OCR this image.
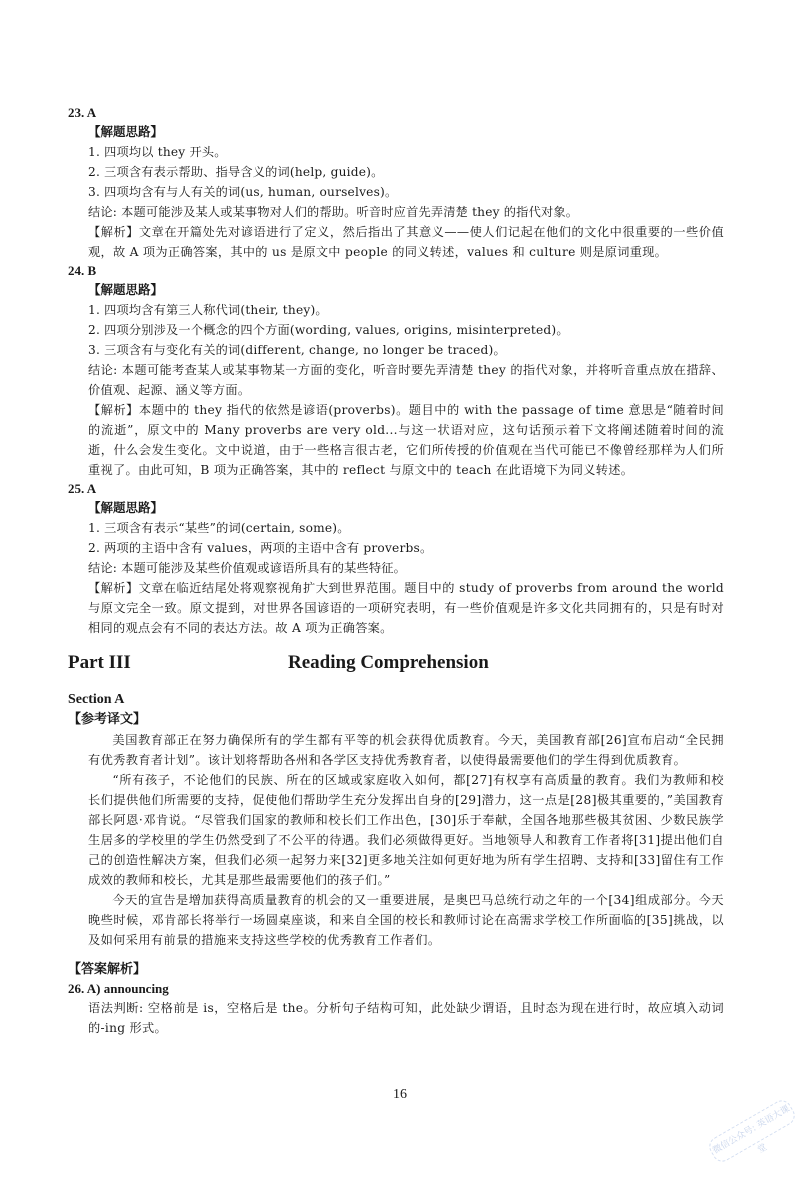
23. A
【解题思路】
1. 四项均以 they 开头。
2. 三项含有表示帮助、指导含义的词(help, guide)。
3. 四项均含有与人有关的词(us, human, ourselves)。
结论: 本题可能涉及某人或某事物对人们的帮助。听音时应首先弄清楚 they 的指代对象。
【解析】文章在开篇处先对谚语进行了定义，然后指出了其意义——使人们记起在他们的文化中很重要的一些价值观，故 A 项为正确答案，其中的 us 是原文中 people 的同义转述，values 和 culture 则是原词重现。
24. B
【解题思路】
1. 四项均含有第三人称代词(their, they)。
2. 四项分别涉及一个概念的四个方面(wording, values, origins, misinterpreted)。
3. 三项含有与变化有关的词(different, change, no longer be traced)。
结论: 本题可能考查某人或某事物某一方面的变化，听音时要先弄清楚 they 的指代对象，并将听音重点放在措辞、价值观、起源、涵义等方面。
【解析】本题中的 they 指代的依然是谚语(proverbs)。题目中的 with the passage of time 意思是“随着时间的流逝”，原文中的 Many proverbs are very old...与这一状语对应，这句话预示着下文将阐述随着时间的流逝，什么会发生变化。文中说道，由于一些格言很古老，它们所传授的价值观在当代可能已不像曾经那样为人们所重视了。由此可知，B 项为正确答案，其中的 reflect 与原文中的 teach 在此语境下为同义转述。
25. A
【解题思路】
1. 三项含有表示“某些”的词(certain, some)。
2. 两项的主语中含有 values，两项的主语中含有 proverbs。
结论: 本题可能涉及某些价值观或谚语所具有的某些特征。
【解析】文章在临近结尾处将观察视角扩大到世界范围。题目中的 study of proverbs from around the world 与原文完全一致。原文提到，对世界各国谚语的一项研究表明，有一些价值观是许多文化共同拥有的，只是有时对相同的观点会有不同的表达方法。故 A 项为正确答案。
Part III	Reading Comprehension
Section A
【参考译文】
美国教育部正在努力确保所有的学生都有平等的机会获得优质教育。今天，美国教育部[26]宣布启动“全民拥有优秀教育者计划”。该计划将帮助各州和各学区支持优秀教育者，以使得最需要他们的学生得到优质教育。
“所有孩子，不论他们的民族、所在的区域或家庭收入如何，都[27]有权享有高质量的教育。我们为教师和校长们提供他们所需要的支持，促使他们帮助学生充分发挥出自身的[29]潜力，这一点是[28]极其重要的，”美国教育部长阿恩·邓肯说。“尽管我们国家的教师和校长们工作出色，[30]乐于奉献，全国各地那些极其贫困、少数民族学生居多的学校里的学生仍然受到了不公平的待遇。我们必须做得更好。当地领导人和教育工作者将[31]提出他们自己的创造性解决方案，但我们必须一起努力来[32]更多地关注如何更好地为所有学生招聘、支持和[33]留住有工作成效的教师和校长，尤其是那些最需要他们的孩子们。”
今天的宣告是增加获得高质量教育的机会的又一重要进展，是奥巴马总统行动之年的一个[34]组成部分。今天晚些时候，邓肯部长将举行一场圆桌座谈，和来自全国的校长和教师讨论在高需求学校工作所面临的[35]挑战，以及如何采用有前景的措施来支持这些学校的优秀教育工作者们。
【答案解析】
26. A) announcing
语法判断: 空格前是 is，空格后是 the。分析句子结构可知，此处缺少谓语，且时态为现在进行时，故应填入动词的-ing 形式。
16
微信公众号: 英语大课堂
